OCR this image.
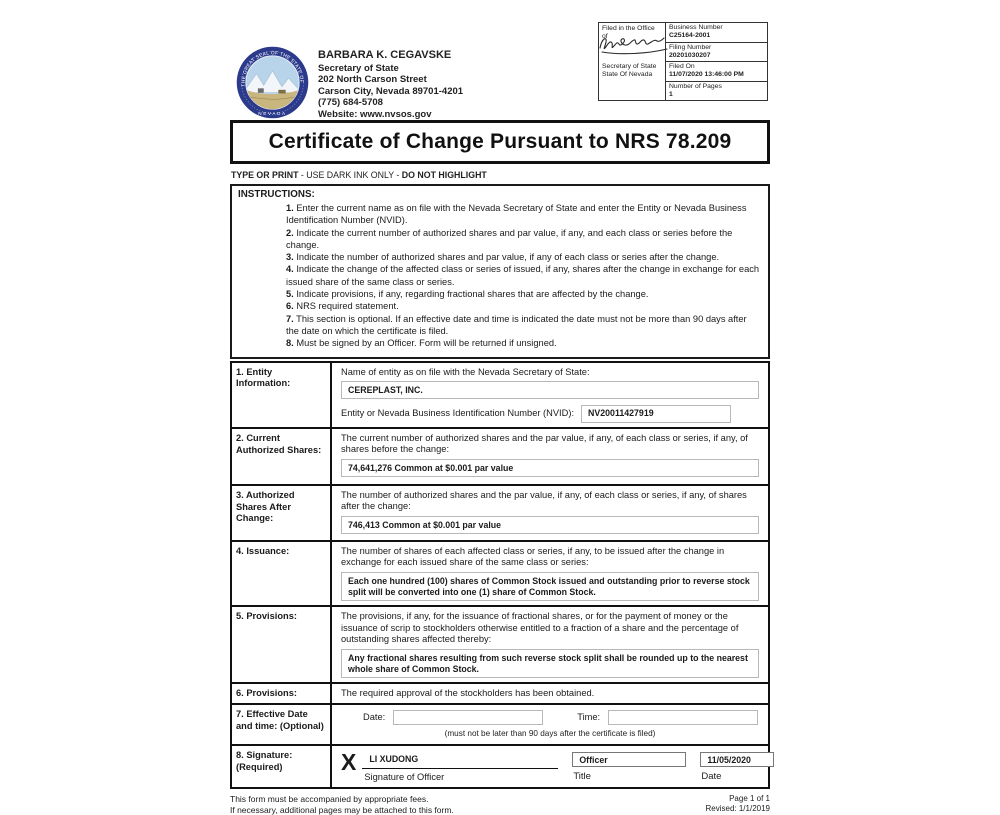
THE GREAT SEAL OF THE STATE OF
NEVADA
BARBARA K. CEGAVSKE
Secretary of State
202 North Carson Street
Carson City, Nevada 89701-4201
(775) 684-5708
Website: www.nvsos.gov
Filed in the Office of
Secretary of State
State Of Nevada
Business Number
C25164-2001
Filing Number
20201030207
Filed On
11/07/2020 13:46:00 PM
Number of Pages
1
Certificate of Change Pursuant to NRS 78.209
TYPE OR PRINT - USE DARK INK ONLY - DO NOT HIGHLIGHT
INSTRUCTIONS:
1. Enter the current name as on file with the Nevada Secretary of State and enter the Entity or Nevada Business Identification Number (NVID).
2. Indicate the current number of authorized shares and par value, if any, and each class or series before the change.
3. Indicate the number of authorized shares and par value, if any of each class or series after the change.
4. Indicate the change of the affected class or series of issued, if any, shares after the change in exchange for each issued share of the same class or series.
5. Indicate provisions, if any, regarding fractional shares that are affected by the change.
6. NRS required statement.
7. This section is optional. If an effective date and time is indicated the date must not be more than 90 days after the date on which the certificate is filed.
8. Must be signed by an Officer. Form will be returned if unsigned.
1. Entity Information:
Name of entity as on file with the Nevada Secretary of State:
CEREPLAST, INC.
Entity or Nevada Business Identification Number (NVID):	NV20011427919
2. Current Authorized Shares:
The current number of authorized shares and the par value, if any, of each class or series, if any, of shares before the change:
74,641,276 Common at $0.001 par value
3. Authorized Shares After Change:
The number of authorized shares and the par value, if any, of each class or series, if any, of shares after the change:
746,413 Common at $0.001 par value
4. Issuance:	The number of shares of each affected class or series, if any, to be issued after the change in exchange for each issued share of the same class or series:
Each one hundred (100) shares of Common Stock issued and outstanding prior to reverse stock split will be converted into one (1) share of Common Stock.
5. Provisions:	The provisions, if any, for the issuance of fractional shares, or for the payment of money or the issuance of scrip to stockholders otherwise entitled to a fraction of a share and the percentage of outstanding shares affected thereby:
Any fractional shares resulting from such reverse stock split shall be rounded up to the nearest whole share of Common Stock.
6. Provisions:	The required approval of the stockholders has been obtained.
7. Effective Date and time: (Optional)
Date:	Time:
(must not be later than 90 days after the certificate is filed)
8. Signature: (Required)	X	LI XUDONG
Signature of Officer
Officer
Title
11/05/2020
Date
This form must be accompanied by appropriate fees.
If necessary, additional pages may be attached to this form.
Page 1 of 1
Revised: 1/1/2019
